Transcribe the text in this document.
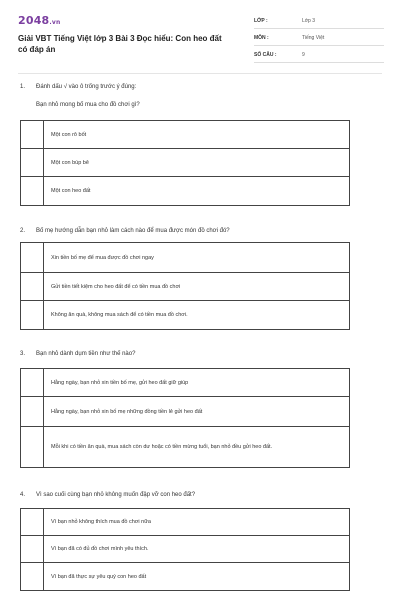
2048.vn
Giải VBT Tiếng Việt lớp 3 Bài 3 Đọc hiểu: Con heo đất có đáp án
LỚP :	Lớp 3
MÔN :	Tiếng Việt
SỐ CÂU :	9
1. Đánh dấu √ vào ô trống trước ý đúng:
Bạn nhỏ mong bố mua cho đồ chơi gì?
Một con rô bốt
Một con búp bê
Một con heo đất
2. Bố mẹ hướng dẫn bạn nhỏ làm cách nào để mua được món đồ chơi đó?
Xin tiền bố mẹ để mua được đồ chơi ngay
Gửi tiền tiết kiệm cho heo đất để có tiền mua đồ chơi
Không ăn quà, không mua sách để có tiền mua đồ chơi.
3. Bạn nhỏ dành dụm tiền như thế nào?
Hằng ngày, bạn nhỏ xin tiền bố mẹ, gửi heo đất giữ giúp
Hằng ngày, bạn nhỏ xin bố mẹ những đồng tiền lẻ gửi heo đất
Mỗi khi có tiền ăn quà, mua sách còn dư hoặc có tiền mừng tuổi, bạn nhỏ đều gửi heo đất.
4. Vì sao cuối cùng bạn nhỏ không muốn đập vỡ con heo đất?
Vì bạn nhỏ không thích mua đồ chơi nữa
Vì bạn đã có đủ đồ chơi mình yêu thích.
Vì bạn đã thực sự yêu quý con heo đất
